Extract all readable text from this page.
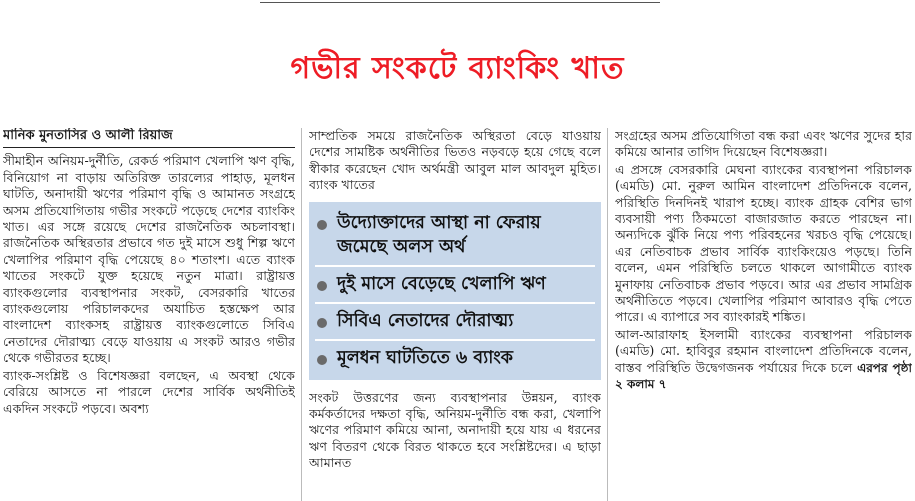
গভীর সংকটে ব্যাংকিং খাত
মানিক মুনতাসির ও আলী রিয়াজ

সীমাহীন অনিয়ম-দুর্নীতি, রেকর্ড পরিমাণ খেলাপি ঋণ বৃদ্ধি, বিনিয়োগ না বাড়ায় অতিরিক্ত তারল্যের পাহাড়, মূলধন ঘাটতি, অনাদায়ী ঋণের পরিমাণ বৃদ্ধি ও আমানত সংগ্রহে অসম প্রতিযোগিতায় গভীর সংকটে পড়েছে দেশের ব্যাংকিং খাত। এর সঙ্গে রয়েছে দেশের রাজনৈতিক অচলাবস্থা। রাজনৈতিক অস্থিরতার প্রভাবে গত দুই মাসে শুধু শিল্প ঋণে খেলাপির পরিমাণ বৃদ্ধি পেয়েছে ৪০ শতাংশ। এতে ব্যাংক খাতের সংকটে যুক্ত হয়েছে নতুন মাত্রা। রাষ্ট্রায়ত্ত ব্যাংকগুলোর ব্যবস্থাপনার সংকট, বেসরকারি খাতের ব্যাংকগুলোয় পরিচালকদের অযাচিত হস্তক্ষেপ আর বাংলাদেশ ব্যাংকসহ রাষ্ট্রায়ত্ত ব্যাংকগুলোতে সিবিএ নেতাদের দৌরাত্ম্য বেড়ে যাওয়ায় এ সংকট আরও গভীর থেকে গভীরতর হচ্ছে।

ব্যাংক-সংশ্লিষ্ট ও বিশেষজ্ঞরা বলছেন, এ অবস্থা থেকে বেরিয়ে আসতে না পারলে দেশের সার্বিক অর্থনীতিই একদিন সংকটে পড়বে। অবশ্য

সাম্প্রতিক সময়ে রাজনৈতিক অস্থিরতা বেড়ে যাওয়ায় দেশের সামষ্টিক অর্থনীতির ভিতও নড়বড়ে হয়ে গেছে বলে স্বীকার করেছেন খোদ অর্থমন্ত্রী আবুল মাল আবদুল মুহিত। ব্যাংক খাতের

উদ্যোক্তাদের আস্থা না ফেরায় জমেছে অলস অর্থ
দুই মাসে বেড়েছে খেলাপি ঋণ
সিবিএ নেতাদের দৌরাত্ম্য
মূলধন ঘাটতিতে ৬ ব্যাংক

সংকট উত্তরণের জন্য ব্যবস্থাপনার উন্নয়ন, ব্যাংক কর্মকর্তাদের দক্ষতা বৃদ্ধি, অনিয়ম-দুর্নীতি বন্ধ করা, খেলাপি ঋণের পরিমাণ কমিয়ে আনা, অনাদায়ী হয়ে যায় এ ধরনের ঋণ বিতরণ থেকে বিরত থাকতে হবে সংশ্লিষ্টদের। এ ছাড়া আমানত

সংগ্রহের অসম প্রতিযোগিতা বন্ধ করা এবং ঋণের সুদের হার কমিয়ে আনার তাগিদ দিয়েছেন বিশেষজ্ঞরা।

এ প্রসঙ্গে বেসরকারি মেঘনা ব্যাংকের ব্যবস্থাপনা পরিচালক (এমডি) মো. নুরুল আমিন বাংলাদেশ প্রতিদিনকে বলেন, পরিস্থিতি দিনদিনই খারাপ হচ্ছে। ব্যাংক গ্রাহক বেশির ভাগ ব্যবসায়ী পণ্য ঠিকমতো বাজারজাত করতে পারছেন না। অন্যদিকে ঝুঁকি নিয়ে পণ্য পরিবহনের খরচও বৃদ্ধি পেয়েছে। এর নেতিবাচক প্রভাব সার্বিক ব্যাংকিংয়েও পড়ছে। তিনি বলেন, এমন পরিস্থিতি চলতে থাকলে আগামীতে ব্যাংক মুনাফায় নেতিবাচক প্রভাব পড়বে। আর এর প্রভাব সামগ্রিক অর্থনীতিতে পড়বে। খেলাপির পরিমাণ আবারও বৃদ্ধি পেতে পারে। এ ব্যাপারে সব ব্যাংকারই শঙ্কিত।

আল-আরাফাহ ইসলামী ব্যাংকের ব্যবস্থাপনা পরিচালক (এমডি) মো. হাবিবুর রহমান বাংলাদেশ প্রতিদিনকে বলেন, বাস্তব পরিস্থিতি উদ্বেগজনক পর্যায়ের দিকে চলে এরপর পৃষ্ঠা ২ কলাম ৭
